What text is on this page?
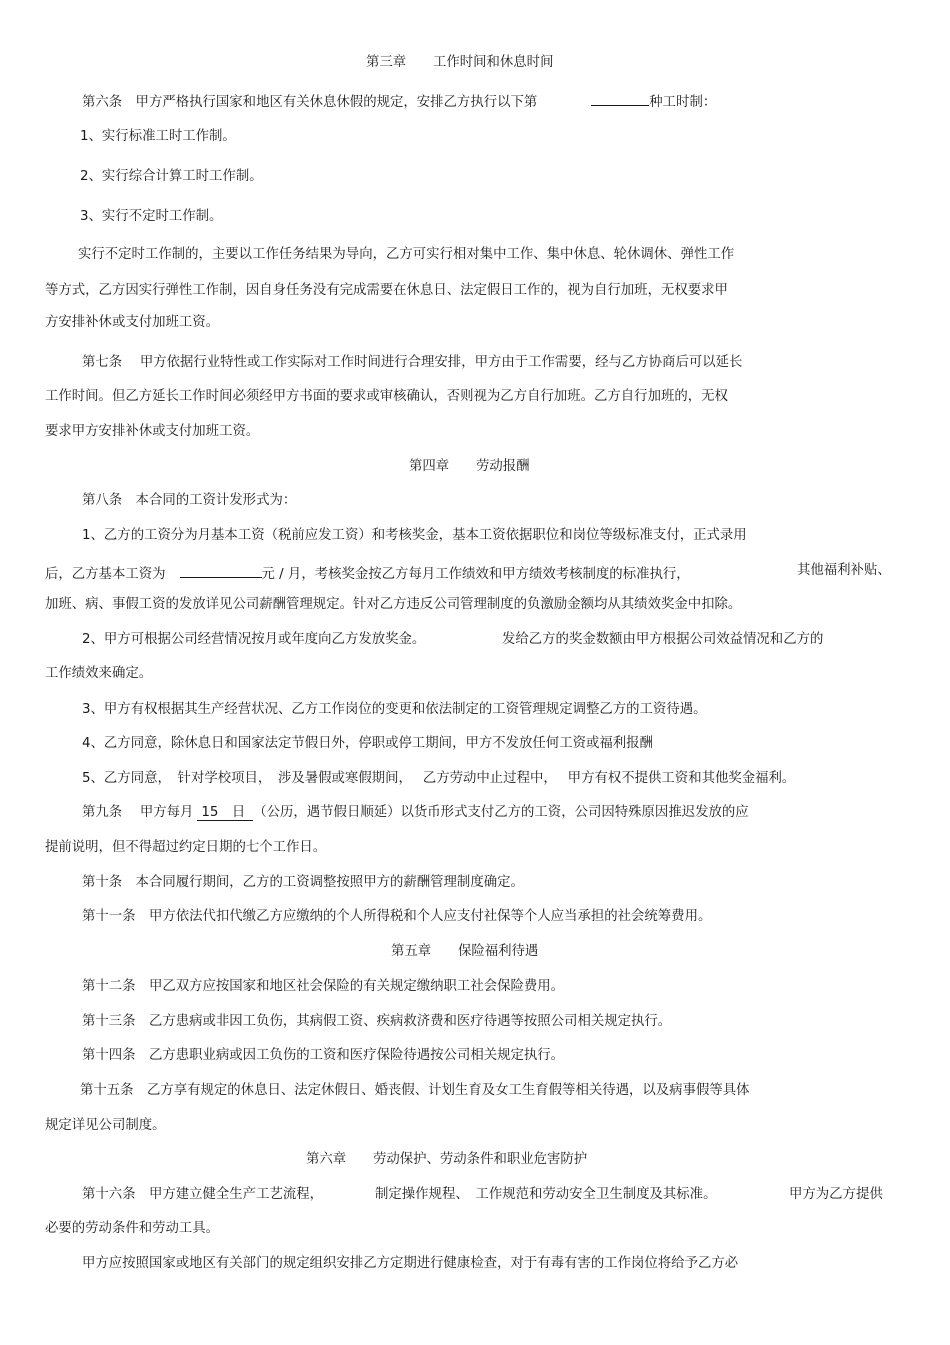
第三章　　工作时间和休息时间
第六条　甲方严格执行国家和地区有关休息休假的规定，安排乙方执行以下第	种工时制：
1、实行标准工时工作制。
2、实行综合计算工时工作制。
3、实行不定时工作制。
实行不定时工作制的，主要以工作任务结果为导向，乙方可实行相对集中工作、集中休息、轮休调休、弹性工作
等方式，乙方因实行弹性工作制，因自身任务没有完成需要在休息日、法定假日工作的，视为自行加班，无权要求甲
方安排补休或支付加班工资。
第七条　 甲方依据行业特性或工作实际对工作时间进行合理安排，甲方由于工作需要，经与乙方协商后可以延长
工作时间。但乙方延长工作时间必须经甲方书面的要求或审核确认，否则视为乙方自行加班。乙方自行加班的，无权
要求甲方安排补休或支付加班工资。
第四章　　劳动报酬
第八条　本合同的工资计发形式为：
1、乙方的工资分为月基本工资（税前应发工资）和考核奖金，基本工资依据职位和岗位等级标准支付，正式录用
后，乙方基本工资为	元 / 月，考核奖金按乙方每月工作绩效和甲方绩效考核制度的标准执行，	其他福利补贴、
加班、病、事假工资的发放详见公司薪酬管理规定。针对乙方违反公司管理制度的负激励金额均从其绩效奖金中扣除。
2、甲方可根据公司经营情况按月或年度向乙方发放奖金。	发给乙方的奖金数额由甲方根据公司效益情况和乙方的
工作绩效来确定。
3、甲方有权根据其生产经营状况、乙方工作岗位的变更和依法制定的工资管理规定调整乙方的工资待遇。
4、乙方同意，除休息日和国家法定节假日外，停职或停工期间，甲方不发放任何工资或福利报酬
5、乙方同意，　针对学校项目，　涉及暑假或寒假期间，　 乙方劳动中止过程中，　 甲方有权不提供工资和其他奖金福利。
第九条　 甲方每月 15　日 （公历，遇节假日顺延）以货币形式支付乙方的工资，公司因特殊原因推迟发放的应
提前说明，但不得超过约定日期的七个工作日。
第十条　本合同履行期间，乙方的工资调整按照甲方的薪酬管理制度确定。
第十一条　甲方依法代扣代缴乙方应缴纳的个人所得税和个人应支付社保等个人应当承担的社会统筹费用。
第五章　　保险福利待遇
第十二条　甲乙双方应按国家和地区社会保险的有关规定缴纳职工社会保险费用。
第十三条　乙方患病或非因工负伤，其病假工资、疾病救济费和医疗待遇等按照公司相关规定执行。
第十四条　乙方患职业病或因工负伤的工资和医疗保险待遇按公司相关规定执行。
第十五条　乙方享有规定的休息日、法定休假日、婚丧假、计划生育及女工生育假等相关待遇，以及病事假等具体
规定详见公司制度。
第六章　　劳动保护、劳动条件和职业危害防护
第十六条　甲方建立健全生产工艺流程，	制定操作规程、　工作规范和劳动安全卫生制度及其标准。	甲方为乙方提供
必要的劳动条件和劳动工具。
甲方应按照国家或地区有关部门的规定组织安排乙方定期进行健康检查，对于有毒有害的工作岗位将给予乙方必
